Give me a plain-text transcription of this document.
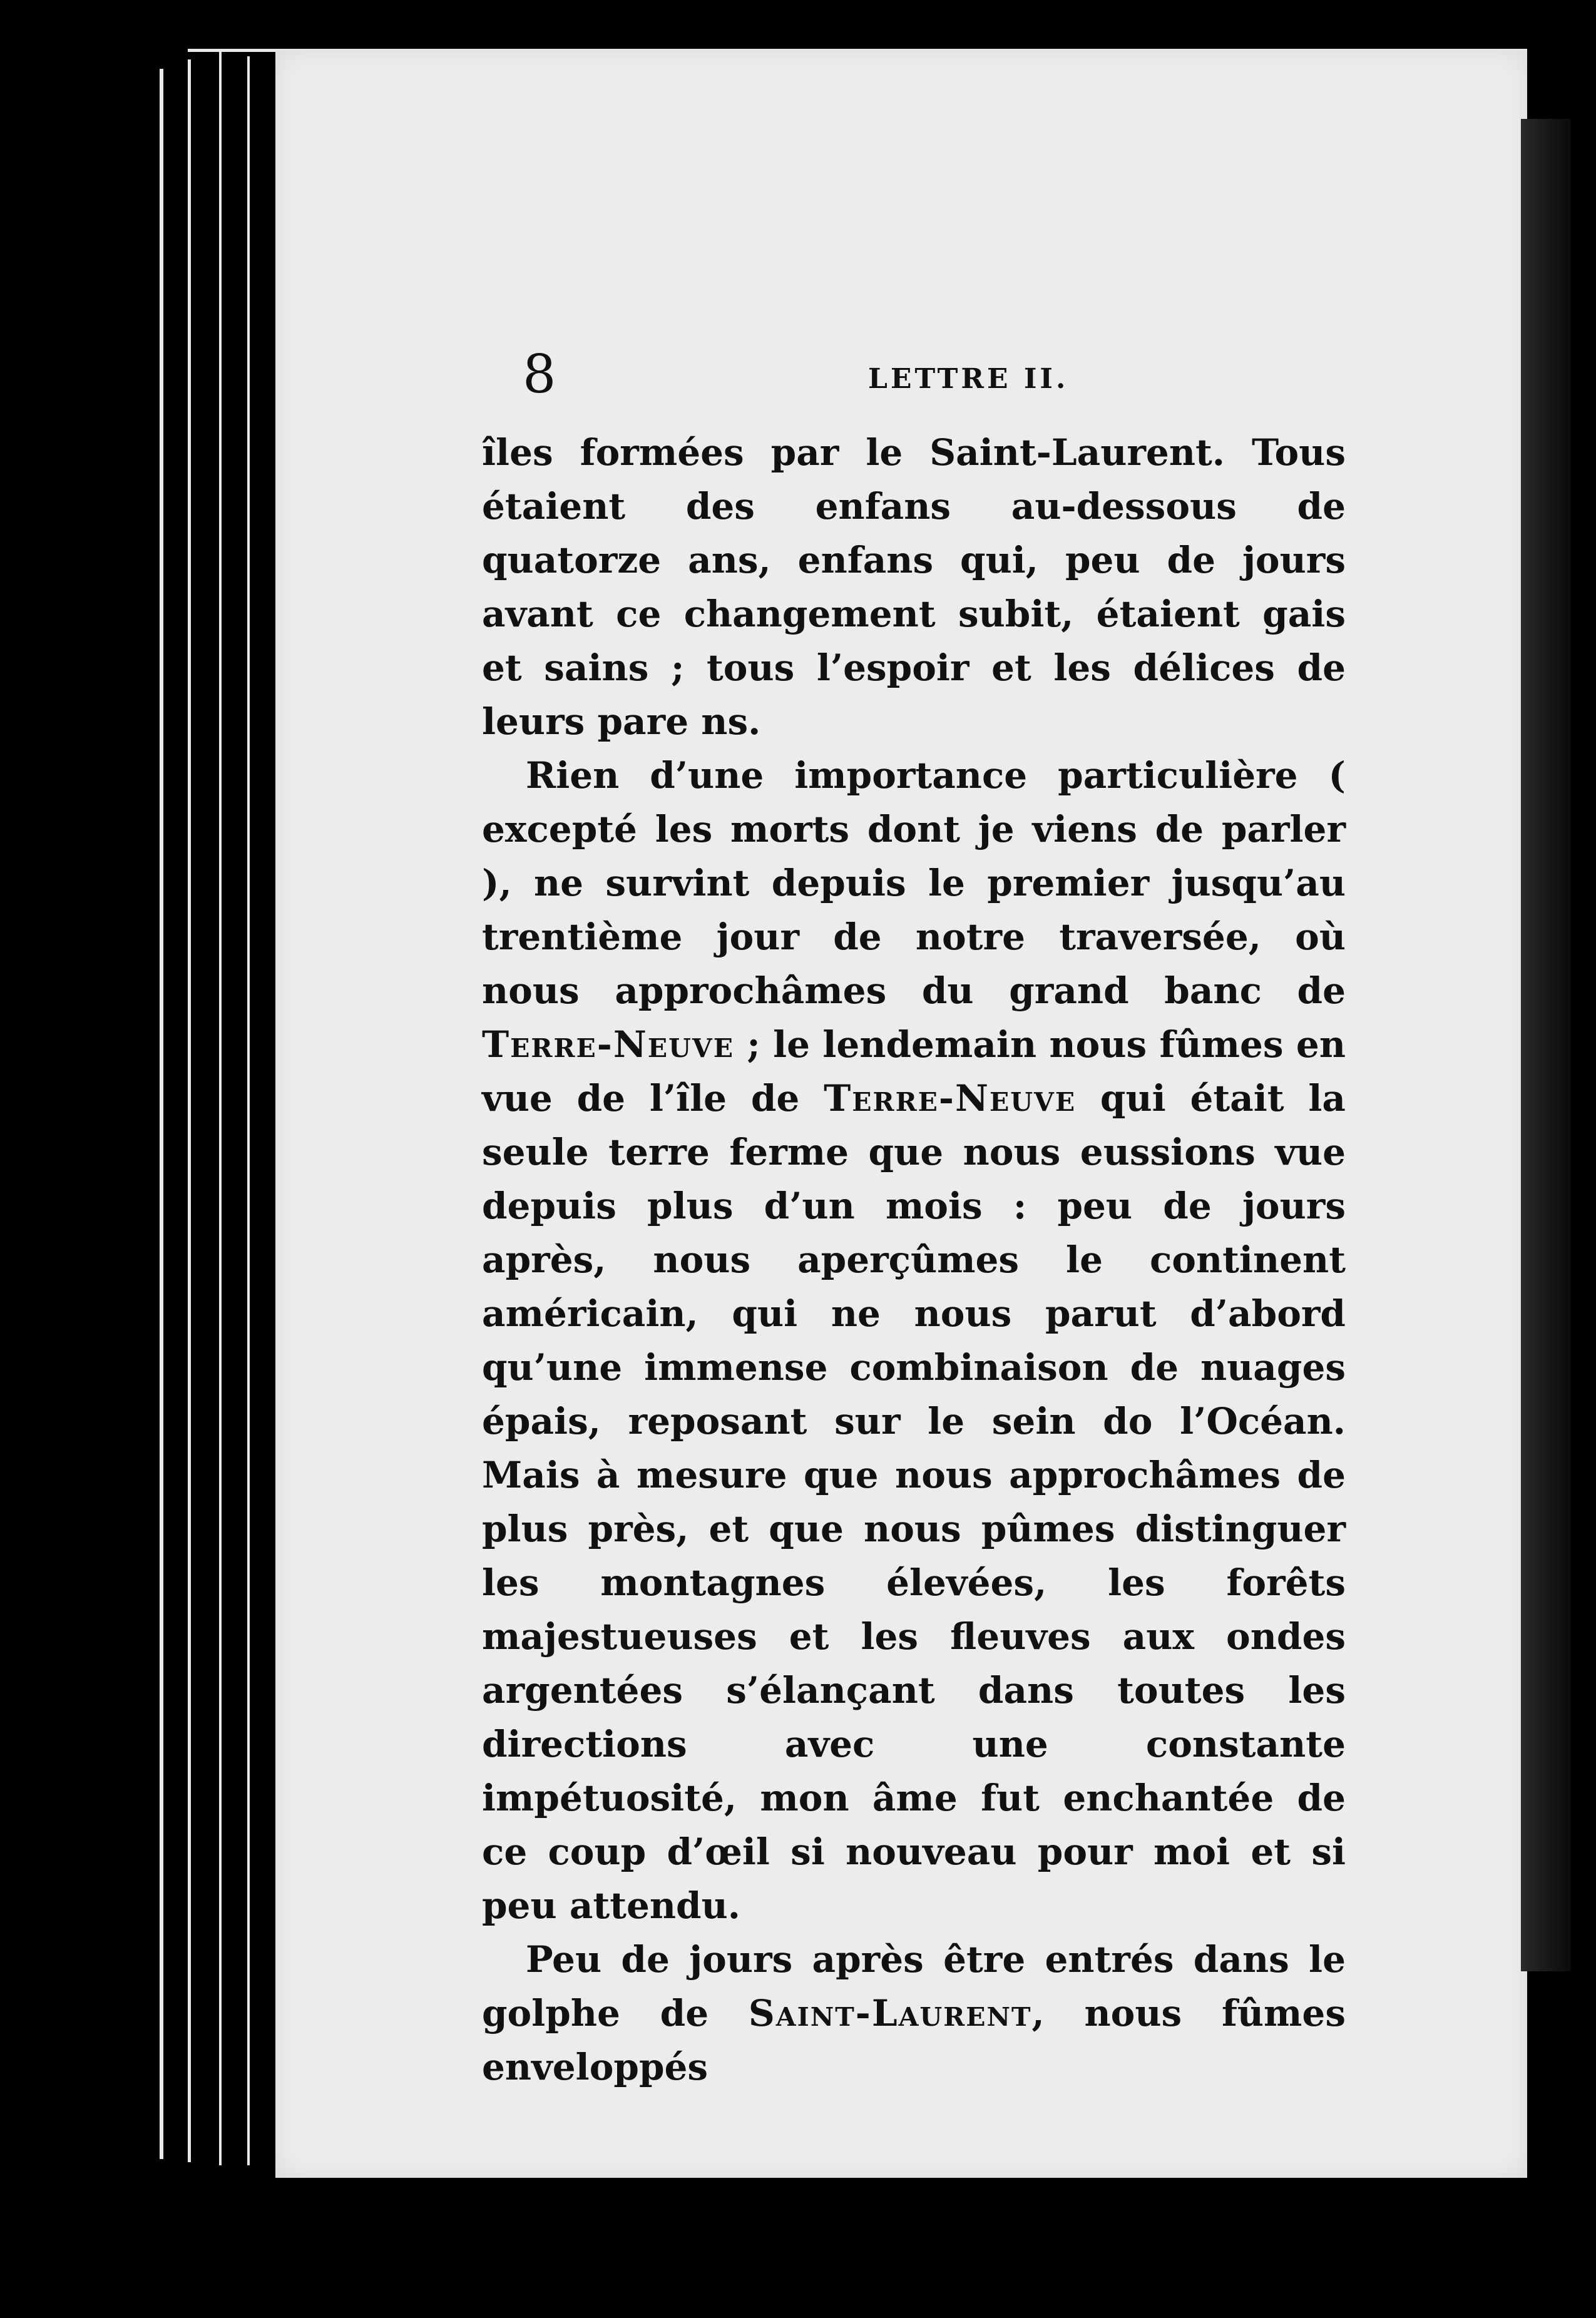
8	LETTRE II.

îles formées par le Saint-Laurent. Tous étaient des enfans au-dessous de quatorze ans, enfans qui, peu de jours avant ce changement subit, étaient gais et sains ; tous l’espoir et les délices de leurs pare ns.

Rien d’une importance particulière ( excepté les morts dont je viens de parler ), ne survint depuis le premier jusqu’au trentième jour de notre traversée, où nous approchâmes du grand banc de Terre-Neuve ; le lendemain nous fûmes en vue de l’île de Terre-Neuve qui était la seule terre ferme que nous eussions vue depuis plus d’un mois : peu de jours après, nous aperçûmes le continent américain, qui ne nous parut d’abord qu’une immense combinaison de nuages épais, reposant sur le sein do l’Océan. Mais à mesure que nous approchâmes de plus près, et que nous pûmes distinguer les montagnes élevées, les forêts majestueuses et les fleuves aux ondes argentées s’élançant dans toutes les directions avec une constante impétuosité, mon âme fut enchantée de ce coup d’œil si nouveau pour moi et si peu attendu.

Peu de jours après être entrés dans le golphe de Saint-Laurent, nous fûmes enveloppés
